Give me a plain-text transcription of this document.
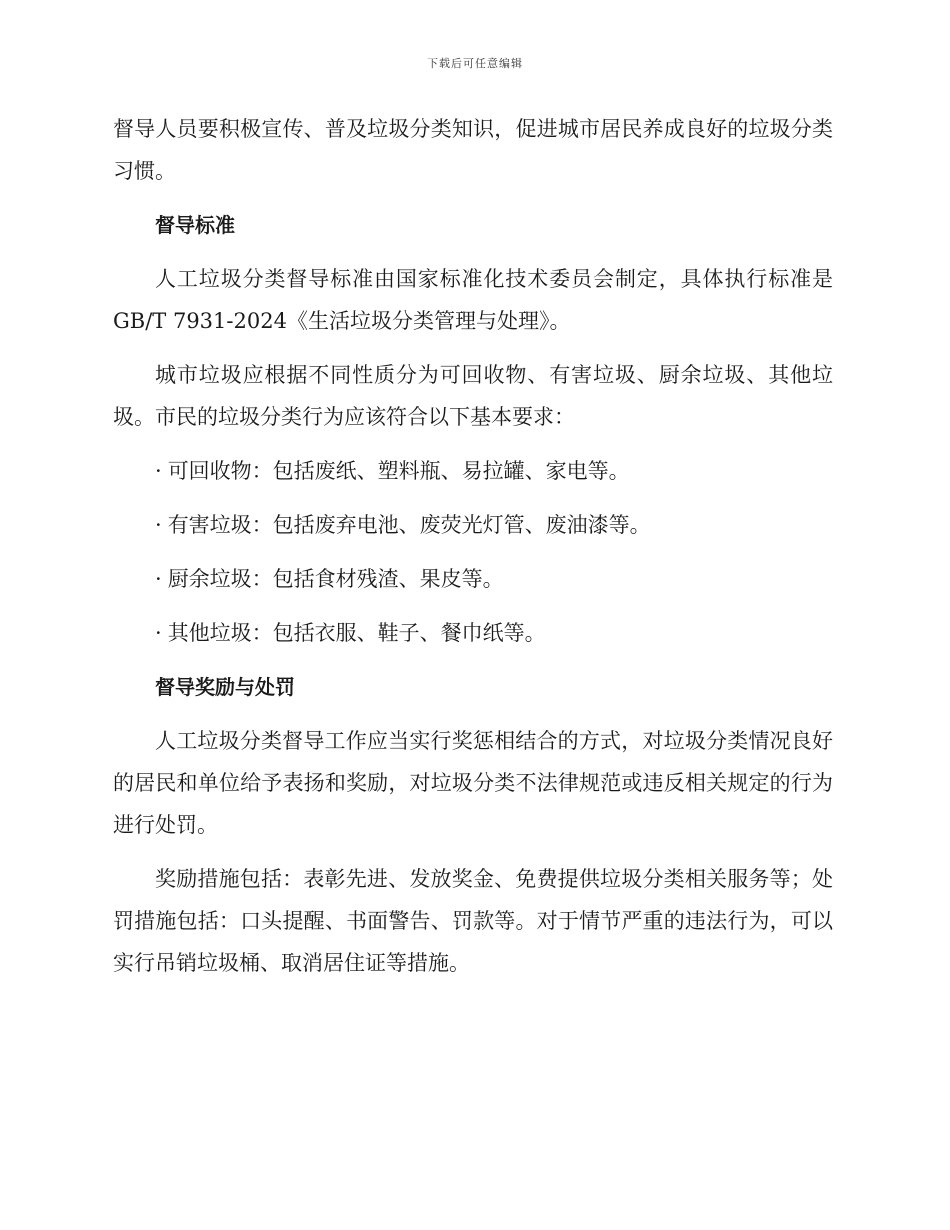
下载后可任意编辑

督导人员要积极宣传、普及垃圾分类知识，促进城市居民养成良好的垃圾分类习惯。

督导标准

人工垃圾分类督导标准由国家标准化技术委员会制定，具体执行标准是GB/T 7931-2024《生活垃圾分类管理与处理》。

城市垃圾应根据不同性质分为可回收物、有害垃圾、厨余垃圾、其他垃圾。市民的垃圾分类行为应该符合以下基本要求：

· 可回收物：包括废纸、塑料瓶、易拉罐、家电等。
· 有害垃圾：包括废弃电池、废荧光灯管、废油漆等。
· 厨余垃圾：包括食材残渣、果皮等。
· 其他垃圾：包括衣服、鞋子、餐巾纸等。
督导奖励与处罚

人工垃圾分类督导工作应当实行奖惩相结合的方式，对垃圾分类情况良好的居民和单位给予表扬和奖励，对垃圾分类不法律规范或违反相关规定的行为进行处罚。

奖励措施包括：表彰先进、发放奖金、免费提供垃圾分类相关服务等；处罚措施包括：口头提醒、书面警告、罚款等。对于情节严重的违法行为，可以实行吊销垃圾桶、取消居住证等措施。
